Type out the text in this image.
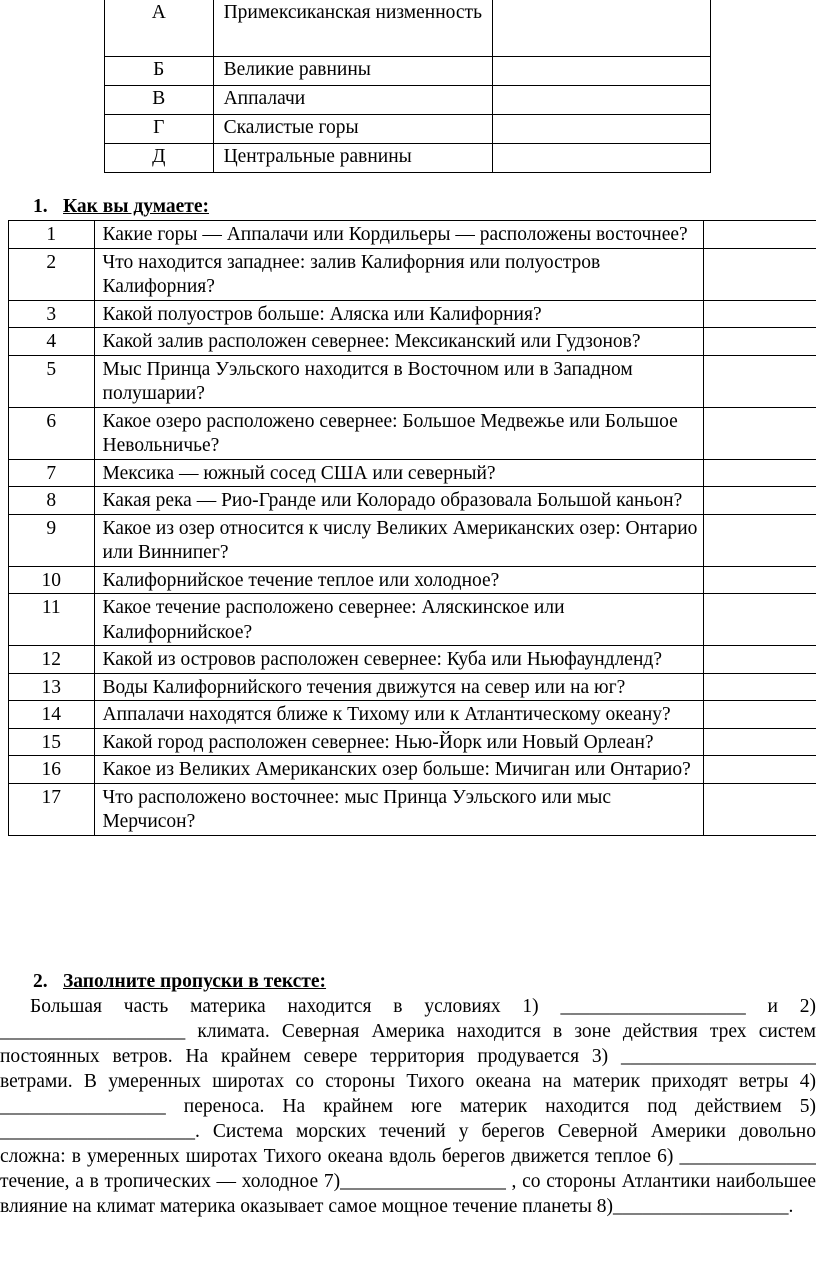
А	Примексиканская низменность	
Б	Великие равнины	
В	Аппалачи	
Г	Скалистые горы	
Д	Центральные равнины	
1. Как вы думаете:
1	Какие горы — Аппалачи или Кордильеры — расположены восточнее?	
2	Что находится западнее: залив Калифорния или полуостров Калифорния?	
3	Какой полуостров больше: Аляска или Калифорния?	
4	Какой залив расположен севернее: Мексиканский или Гудзонов?	
5	Мыс Принца Уэльского находится в Восточном или в Западном полушарии?	
6	Какое озеро расположено севернее: Большое Медвежье или Большое Невольничье?	
7	Мексика — южный сосед США или северный?	
8	Какая река — Рио-Гранде или Колорадо образовала Большой каньон?	
9	Какое из озер относится к числу Великих Американских озер: Онтарио или Виннипег?	
10	Калифорнийское течение теплое или холодное?	
11	Какое течение расположено севернее: Аляскинское или Калифорнийское?	
12	Какой из островов расположен севернее: Куба или Ньюфаундленд?	
13	Воды Калифорнийского течения движутся на север или на юг?	
14	Аппалачи находятся ближе к Тихому или к Атлантическому океану?	
15	Какой город расположен севернее: Нью-Йорк или Новый Орлеан?	
16	Какое из Великих Американских озер больше: Мичиган или Онтарио?	
17	Что расположено восточнее: мыс Принца Уэльского или мыс Мерчисон?	
2. Заполните пропуски в тексте:
Большая часть материка находится в условиях 1) ___________________ и 2) ___________________ климата. Северная Америка находится в зоне действия трех систем постоянных ветров. На крайнем севере территория продувается 3) ____________________ ветрами. В умеренных широтах со стороны Тихого океана на материк приходят ветры 4) _________________ переноса. На крайнем юге материк находится под действием 5) ____________________. Система морских течений у берегов Северной Америки довольно сложна: в умеренных широтах Тихого океана вдоль берегов движется теплое 6) ______________ течение, а в тропических — холодное 7)_________________ , со стороны Атлантики наибольшее влияние на климат материка оказывает самое мощное течение планеты 8)__________________.
